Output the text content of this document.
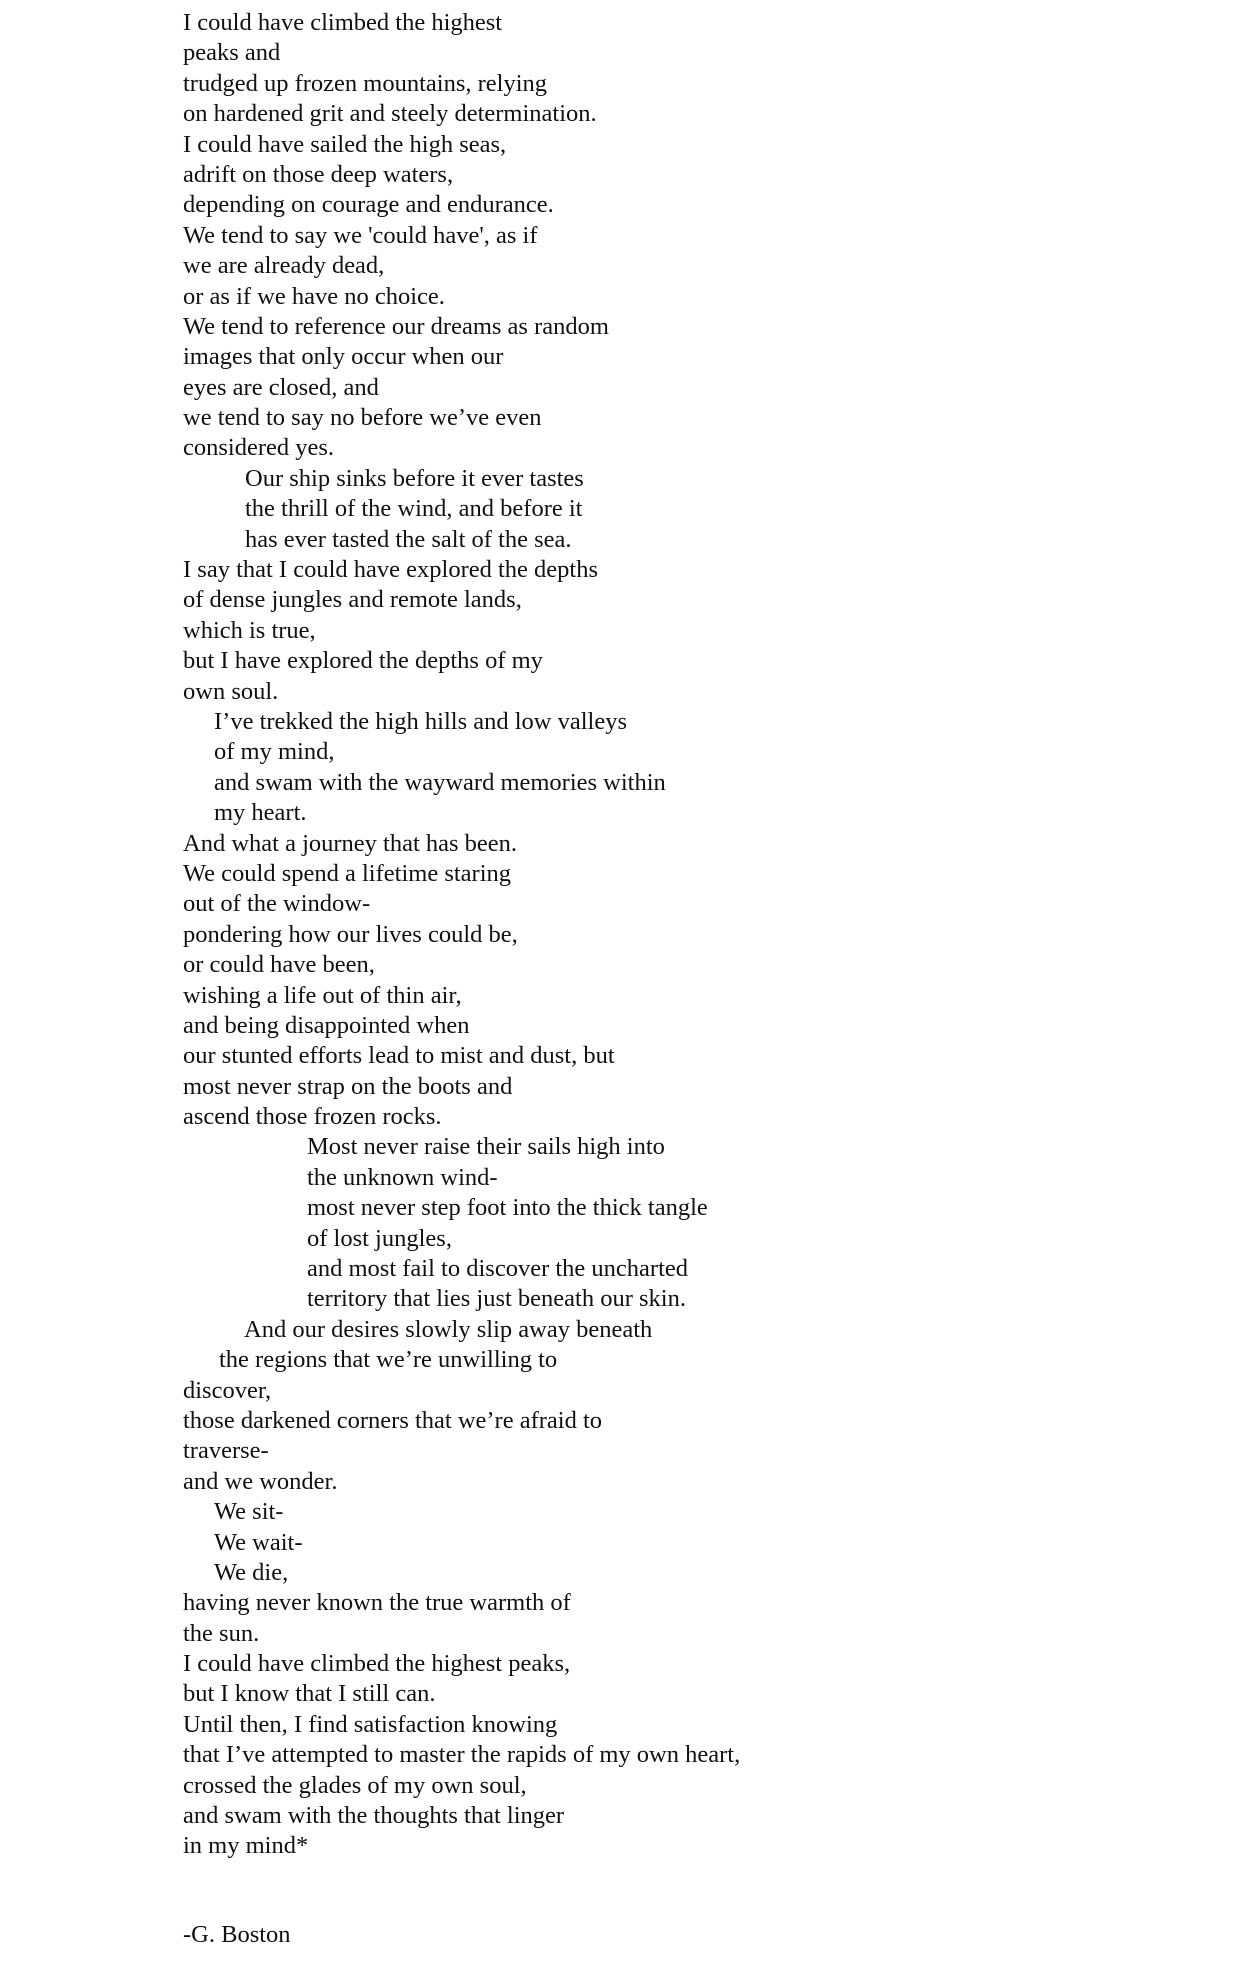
I could have climbed the highest
peaks and
trudged up frozen mountains, relying
on hardened grit and steely determination.
I could have sailed the high seas,
adrift on those deep waters,
depending on courage and endurance.
We tend to say we 'could have', as if
we are already dead,
or as if we have no choice.
We tend to reference our dreams as random
images that only occur when our
eyes are closed, and
we tend to say no before we’ve even
considered yes.
Our ship sinks before it ever tastes
the thrill of the wind, and before it
has ever tasted the salt of the sea.
I say that I could have explored the depths
of dense jungles and remote lands,
which is true,
but I have explored the depths of my
own soul.
I’ve trekked the high hills and low valleys
of my mind,
and swam with the wayward memories within
my heart.
And what a journey that has been.
We could spend a lifetime staring
out of the window-
pondering how our lives could be,
or could have been,
wishing a life out of thin air,
and being disappointed when
our stunted efforts lead to mist and dust, but
most never strap on the boots and
ascend those frozen rocks.
Most never raise their sails high into
the unknown wind-
most never step foot into the thick tangle
of lost jungles,
and most fail to discover the uncharted
territory that lies just beneath our skin.
And our desires slowly slip away beneath
the regions that we’re unwilling to
discover,
those darkened corners that we’re afraid to
traverse-
and we wonder.
We sit-
We wait-
We die,
having never known the true warmth of
the sun.
I could have climbed the highest peaks,
but I know that I still can.
Until then, I find satisfaction knowing
that I’ve attempted to master the rapids of my own heart,
crossed the glades of my own soul,
and swam with the thoughts that linger
in my mind*

-G. Boston
